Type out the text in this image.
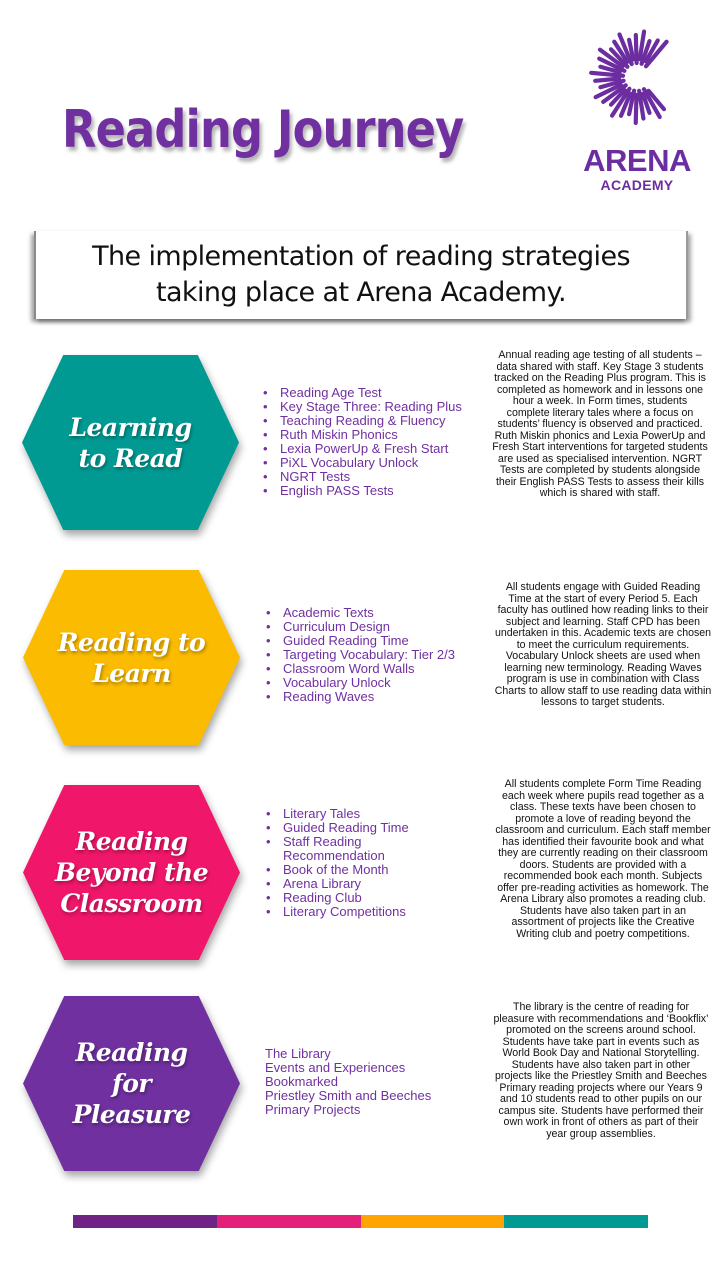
Reading Journey
ARENA
ACADEMY
The implementation of reading strategies
taking place at Arena Academy.
Learning
to Read
• Reading Age Test
• Key Stage Three: Reading Plus
• Teaching Reading & Fluency
• Ruth Miskin Phonics
• Lexia PowerUp & Fresh Start
• PiXL Vocabulary Unlock
• NGRT Tests
• English PASS Tests
Annual reading age testing of all students – data shared with staff. Key Stage 3 students tracked on the Reading Plus program. This is completed as homework and in lessons one hour a week. In Form times, students complete literary tales where a focus on students’ fluency is observed and practiced. Ruth Miskin phonics and Lexia PowerUp and Fresh Start interventions for targeted students are used as specialised intervention. NGRT Tests are completed by students alongside their English PASS Tests to assess their kills which is shared with staff.
Reading to
Learn
• Academic Texts
• Curriculum Design
• Guided Reading Time
• Targeting Vocabulary: Tier 2/3
• Classroom Word Walls
• Vocabulary Unlock
• Reading Waves
All students engage with Guided Reading Time at the start of every Period 5. Each faculty has outlined how reading links to their subject and learning. Staff CPD has been undertaken in this. Academic texts are chosen to meet the curriculum requirements. Vocabulary Unlock sheets are used when learning new terminology. Reading Waves program is use in combination with Class Charts to allow staff to use reading data within lessons to target students.
Reading
Beyond the
Classroom
• Literary Tales
• Guided Reading Time
• Staff Reading Recommendation
• Book of the Month
• Arena Library
• Reading Club
• Literary Competitions
All students complete Form Time Reading each week where pupils read together as a class. These texts have been chosen to promote a love of reading beyond the classroom and curriculum. Each staff member has identified their favourite book and what they are currently reading on their classroom doors. Students are provided with a recommended book each month. Subjects offer pre-reading activities as homework. The Arena Library also promotes a reading club. Students have also taken part in an assortment of projects like the Creative Writing club and poetry competitions.
Reading
for
Pleasure
The Library
Events and Experiences
Bookmarked
Priestley Smith and Beeches
Primary Projects
The library is the centre of reading for pleasure with recommendations and ‘Bookflix’ promoted on the screens around school. Students have take part in events such as World Book Day and National Storytelling. Students have also taken part in other projects like the Priestley Smith and Beeches Primary reading projects where our Years 9 and 10 students read to other pupils on our campus site. Students have performed their own work in front of others as part of their year group assemblies.
